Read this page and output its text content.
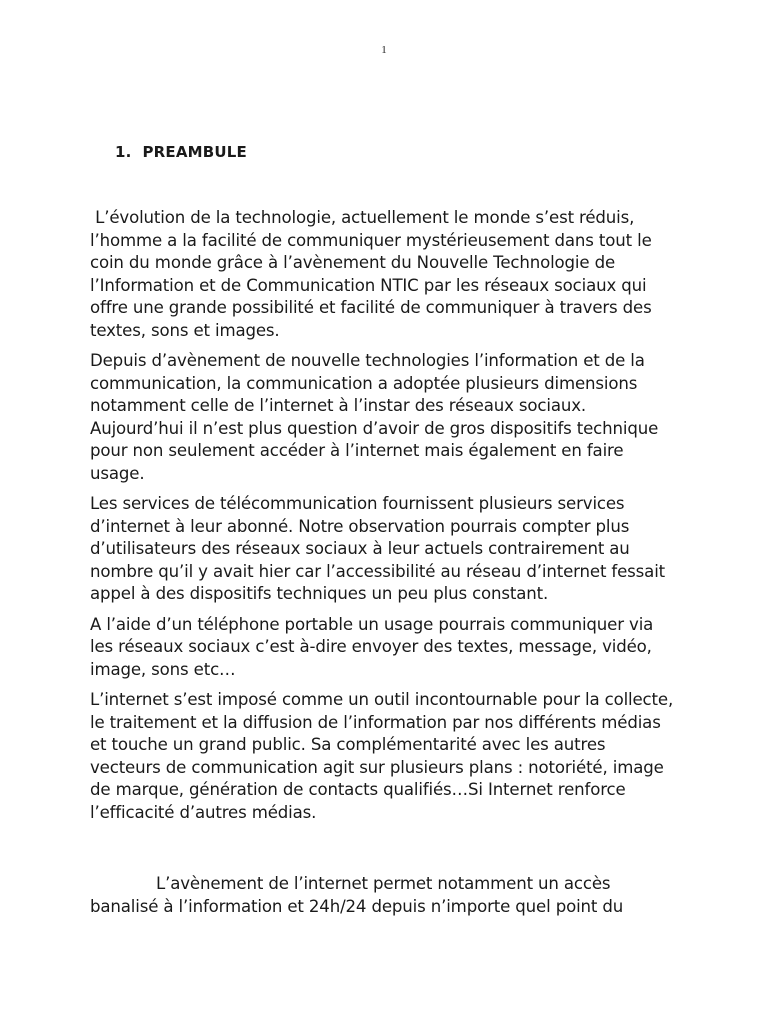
1
1. PREAMBULE

L’évolution de la technologie, actuellement le monde s’est réduis, l’homme a la facilité de communiquer mystérieusement dans tout le coin du monde grâce à l’avènement du Nouvelle Technologie de l’Information et de Communication NTIC par les réseaux sociaux qui offre une grande possibilité et facilité de communiquer à travers des textes, sons et images.

Depuis d’avènement de nouvelle technologies l’information et de la communication, la communication a adoptée plusieurs dimensions notamment celle de l’internet à l’instar des réseaux sociaux. Aujourd’hui il n’est plus question d’avoir de gros dispositifs technique pour non seulement accéder à l’internet mais également en faire usage.

Les services de télécommunication fournissent plusieurs services d’internet à leur abonné. Notre observation pourrais compter plus d’utilisateurs des réseaux sociaux à leur actuels contrairement au nombre qu’il y avait hier car l’accessibilité au réseau d’internet fessait appel à des dispositifs techniques un peu plus constant.

A l’aide d’un téléphone portable un usage pourrais communiquer via les réseaux sociaux c’est à-dire envoyer des textes, message, vidéo, image, sons etc…

L’internet s’est imposé comme un outil incontournable pour la collecte, le traitement et la diffusion de l’information par nos différents médias et touche un grand public. Sa complémentarité avec les autres vecteurs de communication agit sur plusieurs plans : notoriété, image de marque, génération de contacts qualifiés…Si Internet renforce l’efficacité d’autres médias.

L’avènement de l’internet permet notamment un accès banalisé à l’information et 24h/24 depuis n’importe quel point du
